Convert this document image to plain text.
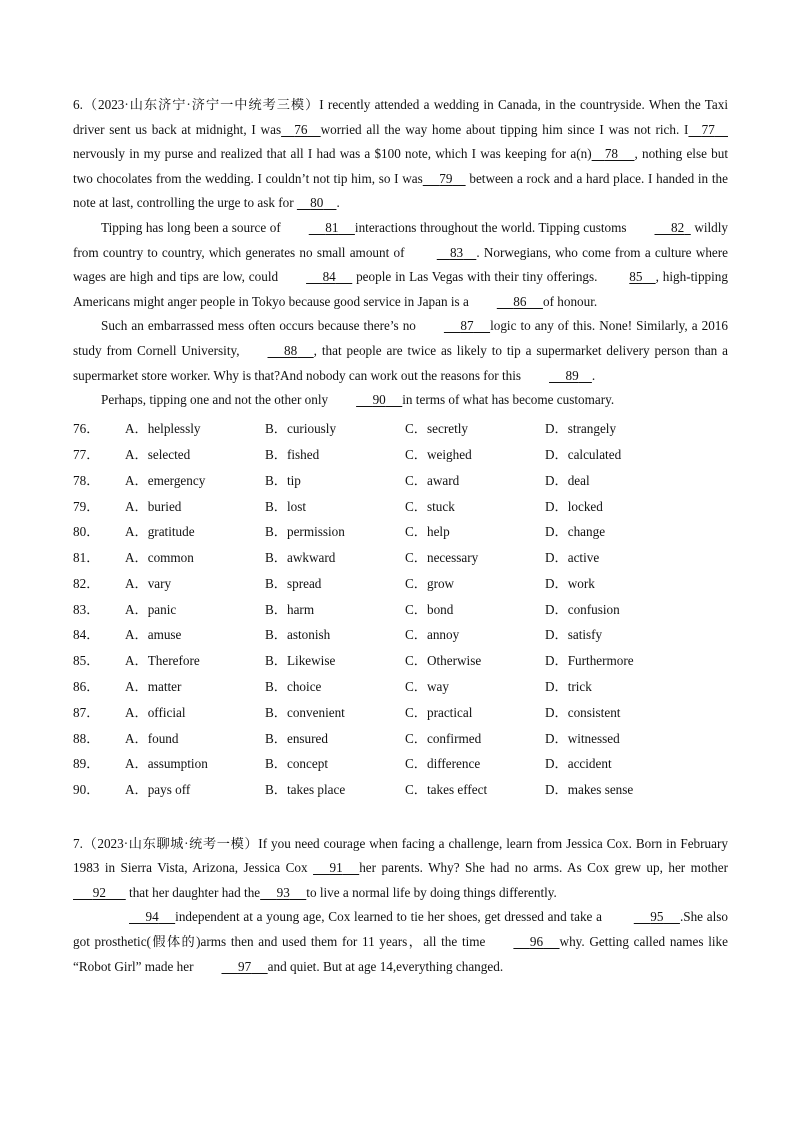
6.（2023·山东济宁·济宁一中统考三模）I recently attended a wedding in Canada, in the countryside. When the Taxi driver sent us back at midnight, I was 76 worried all the way home about tipping him since I was not rich. I 77    nervously in my purse and realized that all I had was a $100 note, which I was keeping for a(n) 78 , nothing else but two chocolates from the wedding. I couldn’t not tip him, so I was 79 between a rock and a hard place. I handed in the note at last, controlling the urge to ask for 80 .

Tipping has long been a source of	81 interactions throughout the world. Tipping customs	82 wildly from country to country, which generates no small amount of	83 . Norwegians, who come from a culture where wages are high and tips are low, could	84 people in Las Vegas with their tiny offerings. 85 , high-tipping Americans might anger people in Tokyo because good service in Japan is a	86 of honour.

Such an embarrassed mess often occurs because there’s no	87 logic to any of this. None! Similarly, a 2016 study from Cornell University,	88 , that people are twice as likely to tip a supermarket delivery person than a supermarket store worker. Why is that?And nobody can work out the reasons for this	89 .

Perhaps, tipping one and not the other only	90 in terms of what has become customary.

76．	A．helplessly	B．curiously	C．secretly	D．strangely
77．	A．selected	B．fished	C．weighed	D．calculated
78．	A．emergency	B．tip	C．award	D．deal
79．	A．buried	B．lost	C．stuck	D．locked
80．	A．gratitude	B．permission	C．help	D．change
81．	A．common	B．awkward	C．necessary	D．active
82．	A．vary	B．spread	C．grow	D．work
83．	A．panic	B．harm	C．bond	D．confusion
84．	A．amuse	B．astonish	C．annoy	D．satisfy
85．	A．Therefore	B．Likewise	C．Otherwise	D．Furthermore
86．	A．matter	B．choice	C．way	D．trick
87．	A．official	B．convenient	C．practical	D．consistent
88．	A．found	B．ensured	C．confirmed	D．witnessed
89．	A．assumption	B．concept	C．difference	D．accident
90．	A．pays off	B．takes place	C．takes effect	D．makes sense

7.（2023·山东聊城·统考一模）If you need courage when facing a challenge, learn from Jessica Cox. Born in February 1983 in Sierra Vista, Arizona, Jessica Cox 91 her parents. Why? She had no arms. As Cox grew up, her mother       92 that her daughter had the 93 to live a normal life by doing things differently.

94 independent at a young age, Cox learned to tie her shoes, get dressed and take a	95 .She also got prosthetic(假体的)arms then and used them for 11 years，all the time	96 why. Getting called names like “Robot Girl” made her	97 and quiet. But at age 14,everything changed.
